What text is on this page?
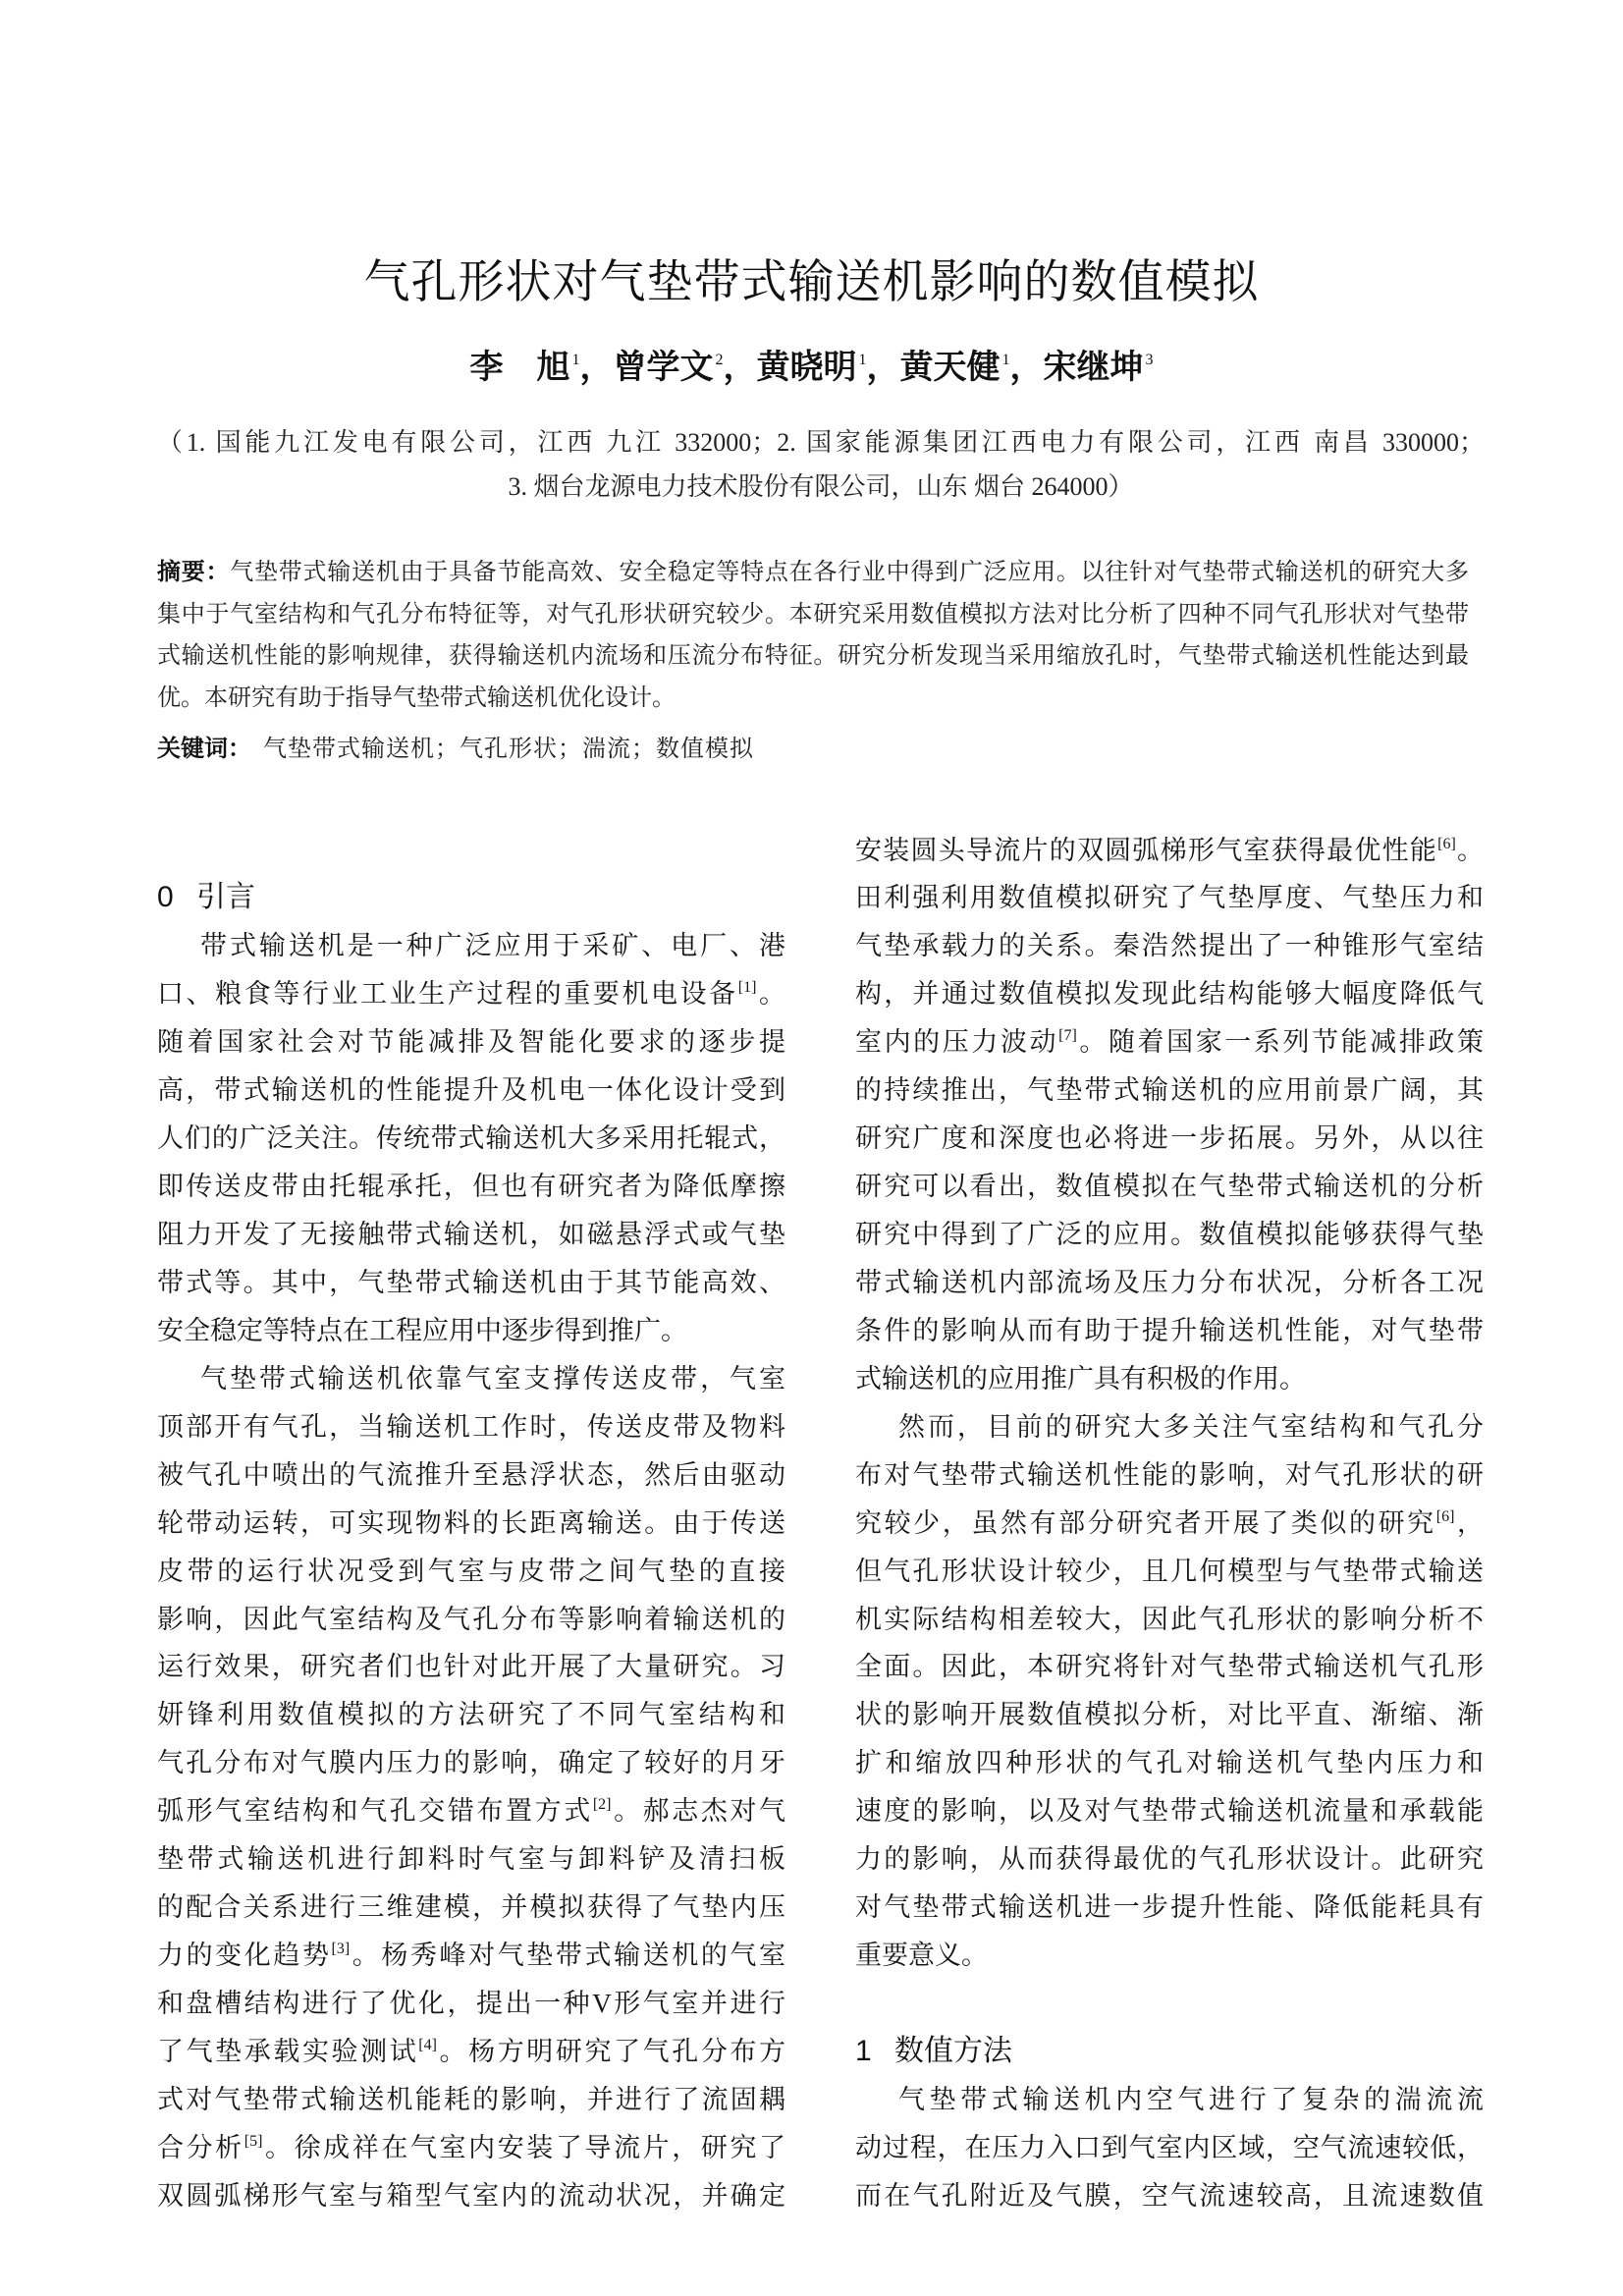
气孔形状对气垫带式输送机影响的数值模拟
李　旭 $^1$，曾学文 $^2$，黄晓明 $^1$，黄天健 $^1$，宋继坤 $^3$
（1. 国能九江发电有限公司，江西 九江 332000；2. 国家能源集团江西电力有限公司，江西 南昌 330000；
3. 烟台龙源电力技术股份有限公司，山东 烟台 264000）
摘要：气垫带式输送机由于具备节能高效、安全稳定等特点在各行业中得到广泛应用。以往针对气垫带式输送机的研究大多
集中于气室结构和气孔分布特征等，对气孔形状研究较少。本研究采用数值模拟方法对比分析了四种不同气孔形状对气垫带
式输送机性能的影响规律，获得输送机内流场和压流分布特征。研究分析发现当采用缩放孔时，气垫带式输送机性能达到最
优。本研究有助于指导气垫带式输送机优化设计。
关键词： 气垫带式输送机；气孔形状；湍流；数值模拟
0 引言
带式输送机是一种广泛应用于采矿、电厂、港
口、粮食等行业工业生产过程的重要机电设备[1]。
随着国家社会对节能减排及智能化要求的逐步提
高，带式输送机的性能提升及机电一体化设计受到
人们的广泛关注。传统带式输送机大多采用托辊式，
即传送皮带由托辊承托，但也有研究者为降低摩擦
阻力开发了无接触带式输送机，如磁悬浮式或气垫
带式等。其中，气垫带式输送机由于其节能高效、
安全稳定等特点在工程应用中逐步得到推广。
气垫带式输送机依靠气室支撑传送皮带，气室
顶部开有气孔，当输送机工作时，传送皮带及物料
被气孔中喷出的气流推升至悬浮状态，然后由驱动
轮带动运转，可实现物料的长距离输送。由于传送
皮带的运行状况受到气室与皮带之间气垫的直接
影响，因此气室结构及气孔分布等影响着输送机的
运行效果，研究者们也针对此开展了大量研究。习
妍锋利用数值模拟的方法研究了不同气室结构和
气孔分布对气膜内压力的影响，确定了较好的月牙
弧形气室结构和气孔交错布置方式[2]。郝志杰对气
垫带式输送机进行卸料时气室与卸料铲及清扫板
的配合关系进行三维建模，并模拟获得了气垫内压
力的变化趋势[3]。杨秀峰对气垫带式输送机的气室
和盘槽结构进行了优化，提出一种V形气室并进行
了气垫承载实验测试[4]。杨方明研究了气孔分布方
式对气垫带式输送机能耗的影响，并进行了流固耦
合分析[5]。徐成祥在气室内安装了导流片，研究了
双圆弧梯形气室与箱型气室内的流动状况，并确定
安装圆头导流片的双圆弧梯形气室获得最优性能[6]。
田利强利用数值模拟研究了气垫厚度、气垫压力和
气垫承载力的关系。秦浩然提出了一种锥形气室结
构，并通过数值模拟发现此结构能够大幅度降低气
室内的压力波动[7]。随着国家一系列节能减排政策
的持续推出，气垫带式输送机的应用前景广阔，其
研究广度和深度也必将进一步拓展。另外，从以往
研究可以看出，数值模拟在气垫带式输送机的分析
研究中得到了广泛的应用。数值模拟能够获得气垫
带式输送机内部流场及压力分布状况，分析各工况
条件的影响从而有助于提升输送机性能，对气垫带
式输送机的应用推广具有积极的作用。
然而，目前的研究大多关注气室结构和气孔分
布对气垫带式输送机性能的影响，对气孔形状的研
究较少，虽然有部分研究者开展了类似的研究[6]，
但气孔形状设计较少，且几何模型与气垫带式输送
机实际结构相差较大，因此气孔形状的影响分析不
全面。因此，本研究将针对气垫带式输送机气孔形
状的影响开展数值模拟分析，对比平直、渐缩、渐
扩和缩放四种形状的气孔对输送机气垫内压力和
速度的影响，以及对气垫带式输送机流量和承载能
力的影响，从而获得最优的气孔形状设计。此研究
对气垫带式输送机进一步提升性能、降低能耗具有
重要意义。
1 数值方法
气垫带式输送机内空气进行了复杂的湍流流
动过程，在压力入口到气室内区域，空气流速较低，
而在气孔附近及气膜，空气流速较高，且流速数值
